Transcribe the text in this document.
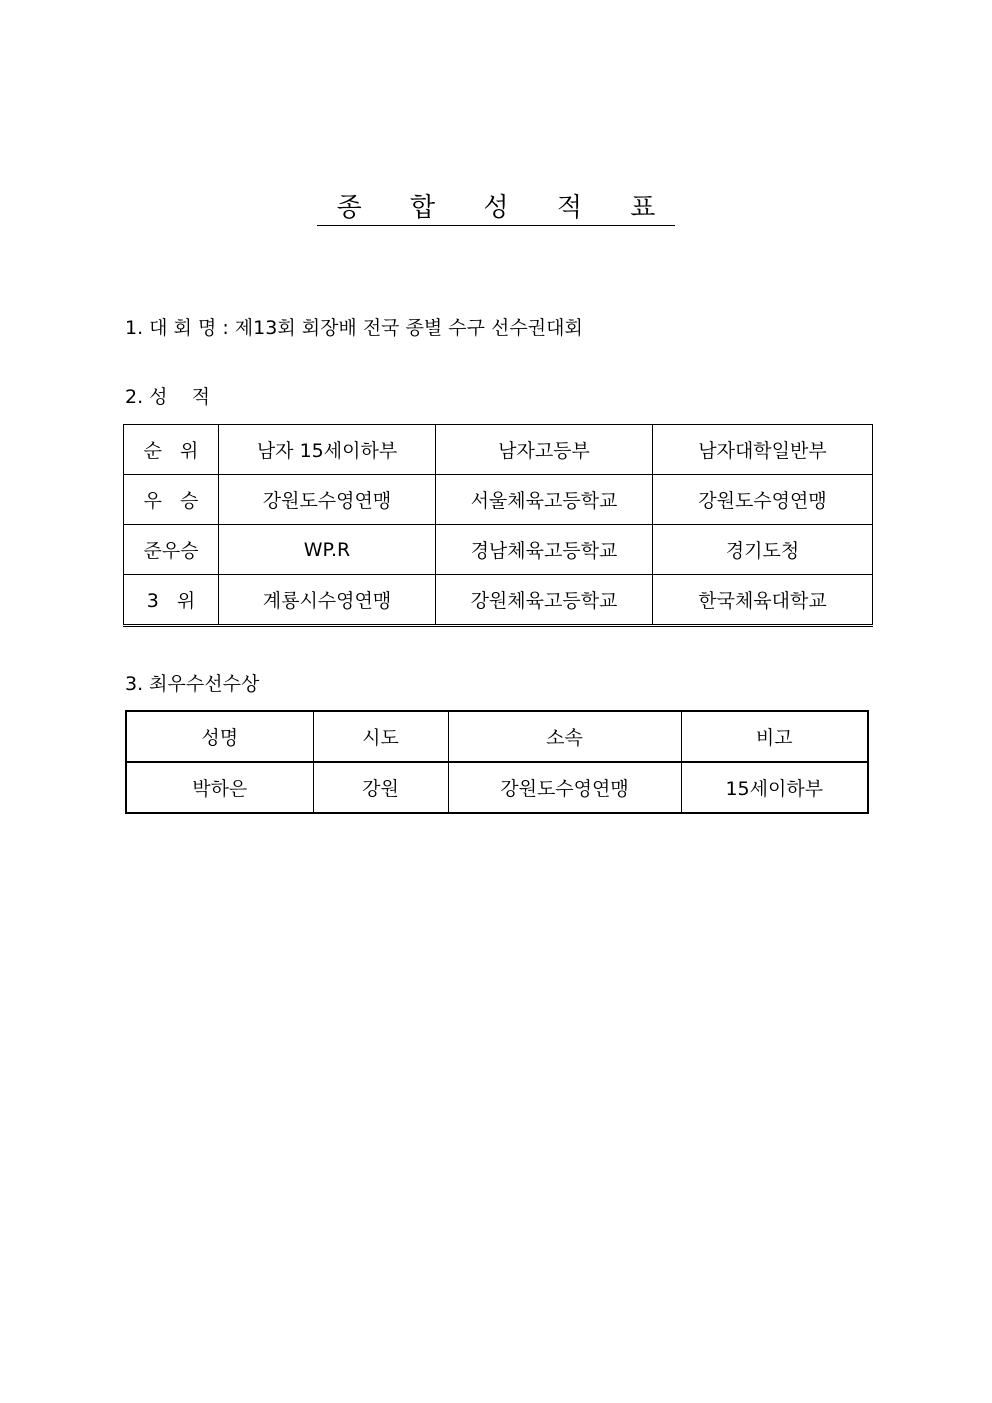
종 합 성 적 표
1. 대 회 명 : 제13회 회장배 전국 종별 수구 선수권대회
2. 성    적
순   위	남자 15세이하부	남자고등부	남자대학일반부
우   승	강원도수영연맹	서울체육고등학교	강원도수영연맹
준우승	WP.R	경남체육고등학교	경기도청
3   위	계룡시수영연맹	강원체육고등학교	한국체육대학교
3. 최우수선수상
성명	시도	소속	비고
박하은	강원	강원도수영연맹	15세이하부
